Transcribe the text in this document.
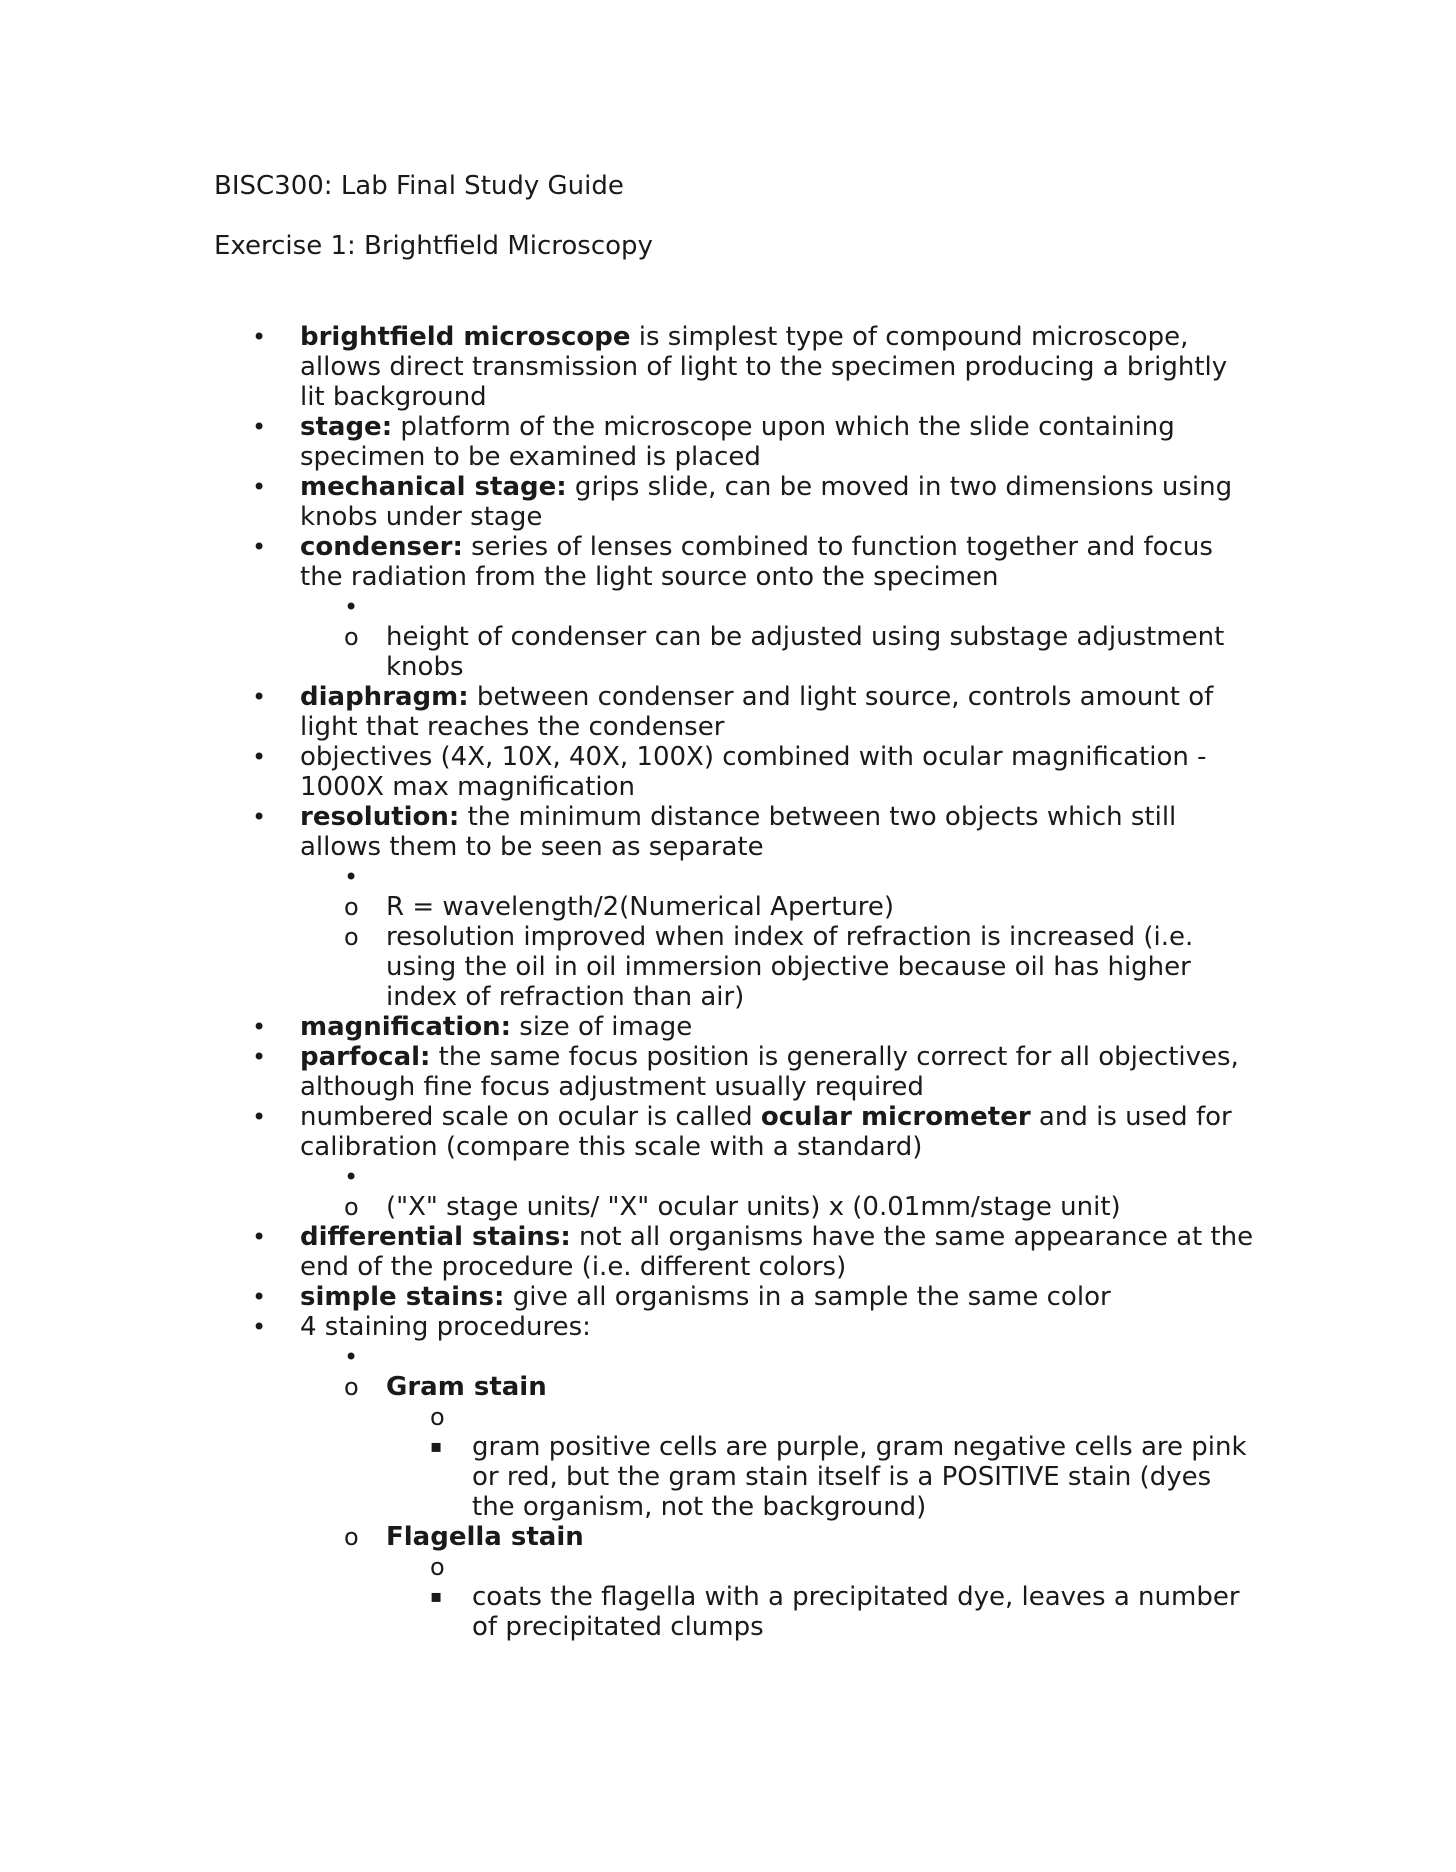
BISC300: Lab Final Study Guide
Exercise 1: Brightfield Microscopy
• brightfield microscope is simplest type of compound microscope, allows direct transmission of light to the specimen producing a brightly lit background
• stage: platform of the microscope upon which the slide containing specimen to be examined is placed
• mechanical stage: grips slide, can be moved in two dimensions using knobs under stage
• condenser: series of lenses combined to function together and focus the radiation from the light source onto the specimen
•
o height of condenser can be adjusted using substage adjustment knobs
• diaphragm: between condenser and light source, controls amount of light that reaches the condenser
• objectives (4X, 10X, 40X, 100X) combined with ocular magnification - 1000X max magnification
• resolution: the minimum distance between two objects which still allows them to be seen as separate
•
o R = wavelength/2(Numerical Aperture)
o resolution improved when index of refraction is increased (i.e. using the oil in oil immersion objective because oil has higher index of refraction than air)
• magnification: size of image
• parfocal: the same focus position is generally correct for all objectives, although fine focus adjustment usually required
• numbered scale on ocular is called ocular micrometer and is used for calibration (compare this scale with a standard)
•
o ("X" stage units/ "X" ocular units) x (0.01mm/stage unit)
• differential stains: not all organisms have the same appearance at the end of the procedure (i.e. different colors)
• simple stains: give all organisms in a sample the same color
• 4 staining procedures:
•
o Gram stain
o
▪ gram positive cells are purple, gram negative cells are pink or red, but the gram stain itself is a POSITIVE stain (dyes the organism, not the background)
o Flagella stain
o
▪ coats the flagella with a precipitated dye, leaves a number of precipitated clumps
